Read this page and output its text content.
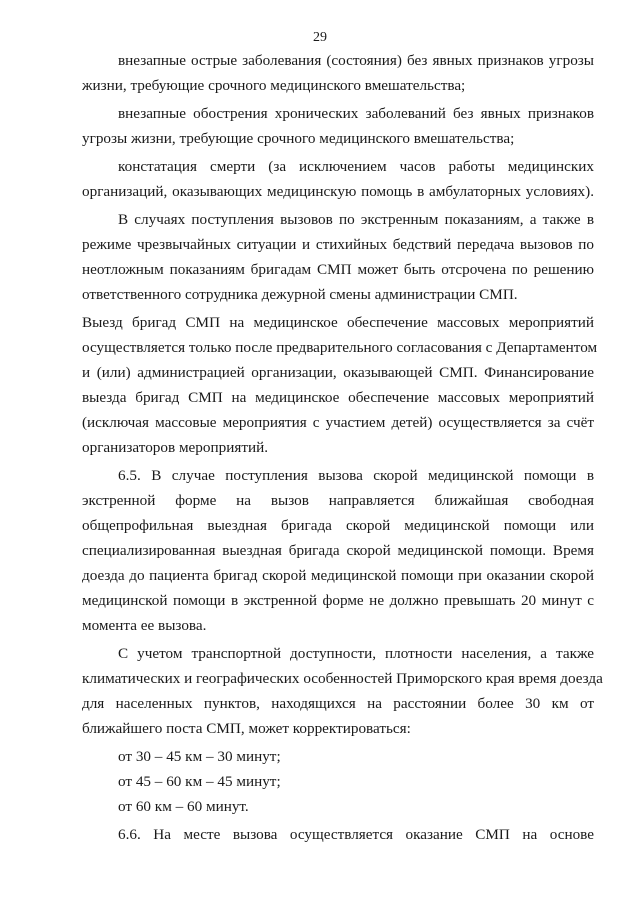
29
внезапные острые заболевания (состояния) без явных признаков угрозы
жизни, требующие срочного медицинского вмешательства;
внезапные обострения хронических заболеваний без явных признаков
угрозы жизни, требующие срочного медицинского вмешательства;
констатация смерти (за исключением часов работы медицинских
организаций, оказывающих медицинскую помощь в амбулаторных условиях).
В случаях поступления вызовов по экстренным показаниям, а также в
режиме чрезвычайных ситуации и стихийных бедствий передача вызовов по
неотложным показаниям бригадам СМП может быть отсрочена по решению
ответственного сотрудника дежурной смены администрации СМП.
Выезд бригад СМП на медицинское обеспечение массовых мероприятий
осуществляется только после предварительного согласования с Департаментом
и (или) администрацией организации, оказывающей СМП. Финансирование
выезда бригад СМП на медицинское обеспечение массовых мероприятий
(исключая массовые мероприятия с участием детей) осуществляется за счёт
организаторов мероприятий.
6.5. В случае поступления вызова скорой медицинской помощи в
экстренной форме на вызов направляется ближайшая свободная
общепрофильная выездная бригада скорой медицинской помощи или
специализированная выездная бригада скорой медицинской помощи. Время
доезда до пациента бригад скорой медицинской помощи при оказании скорой
медицинской помощи в экстренной форме не должно превышать 20 минут с
момента ее вызова.
С учетом транспортной доступности, плотности населения, а также
климатических и географических особенностей Приморского края время доезда
для населенных пунктов, находящихся на расстоянии более 30 км от
ближайшего поста СМП, может корректироваться:
от 30 – 45 км – 30 минут;
от 45 – 60 км – 45 минут;
от 60 км – 60 минут.
6.6. На месте вызова осуществляется оказание СМП на основе
